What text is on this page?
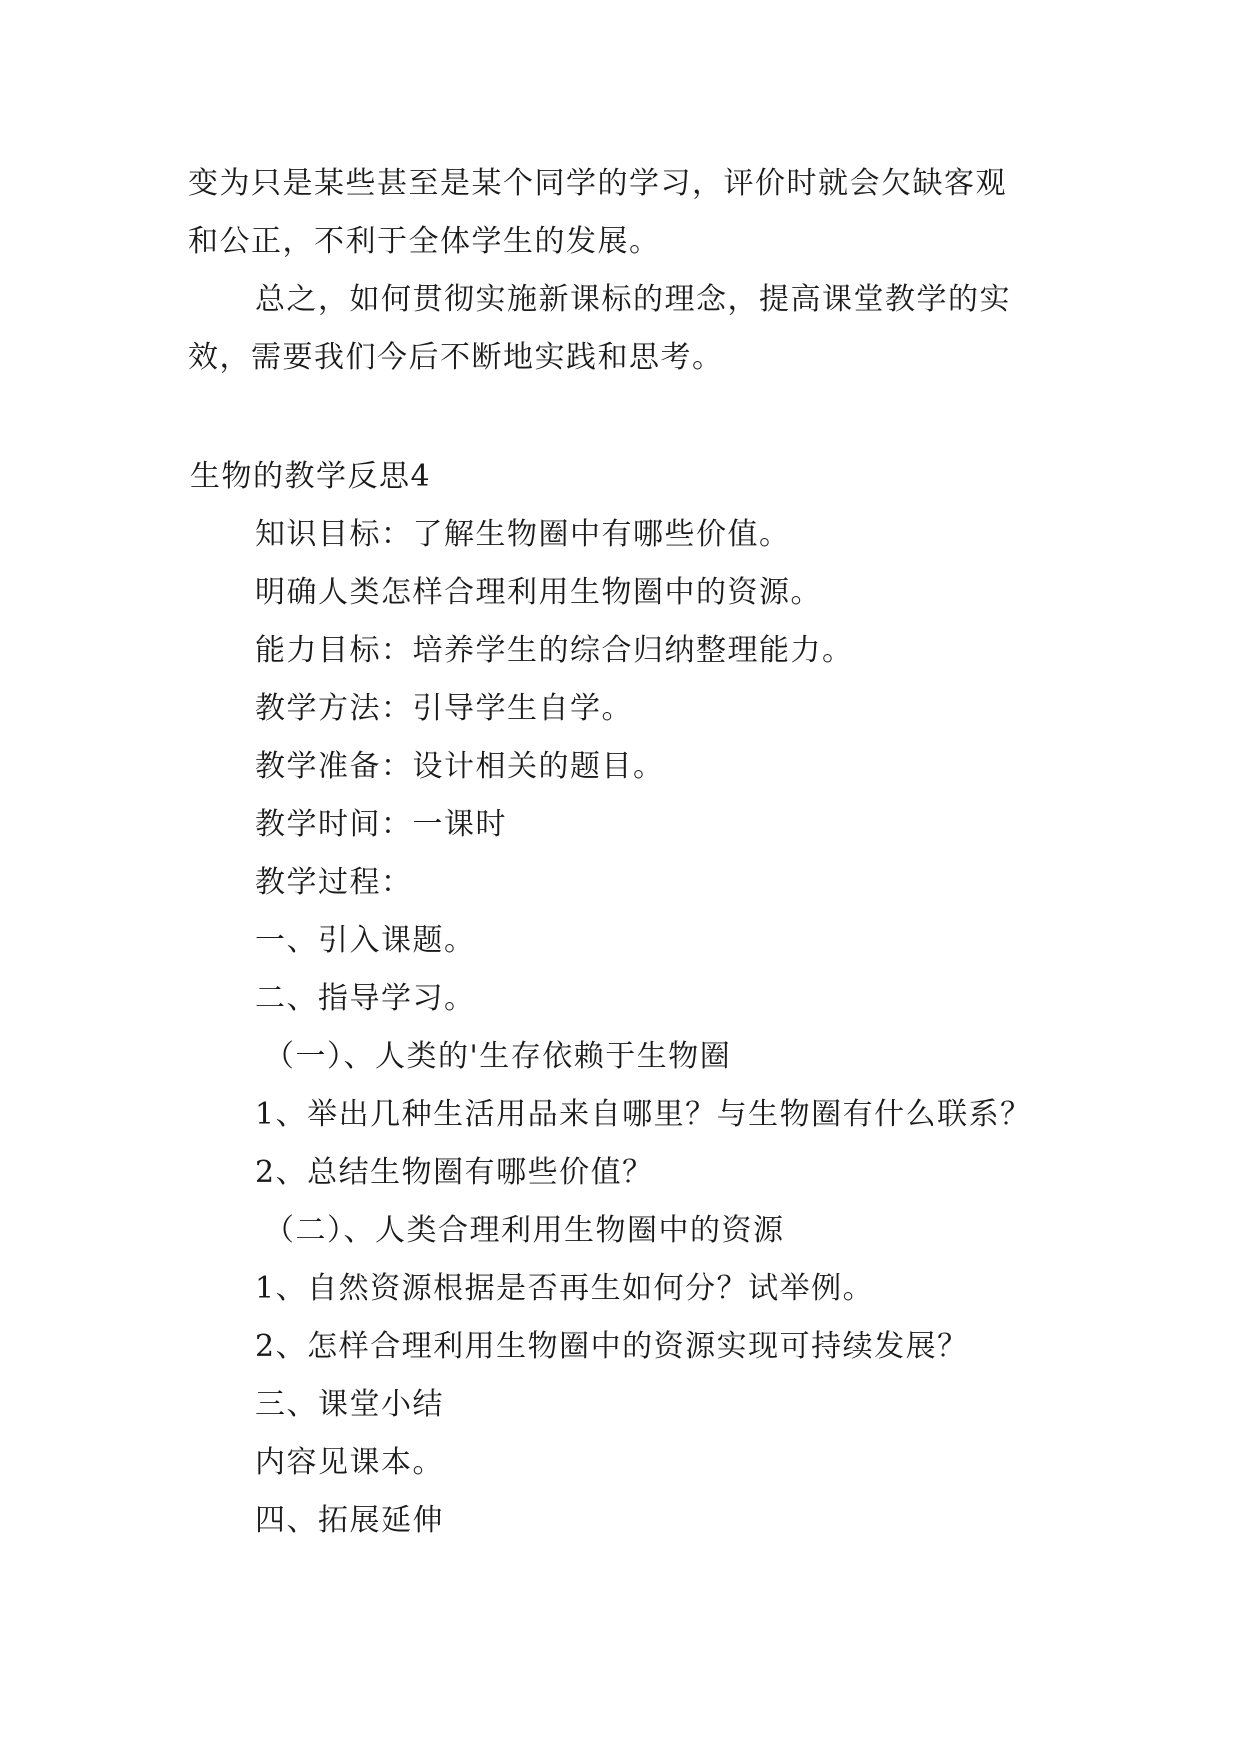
变为只是某些甚至是某个同学的学习，评价时就会欠缺客观
和公正，不利于全体学生的发展。
总之，如何贯彻实施新课标的理念，提高课堂教学的实
效，需要我们今后不断地实践和思考。
生物的教学反思4
知识目标：了解生物圈中有哪些价值。
明确人类怎样合理利用生物圈中的资源。
能力目标：培养学生的综合归纳整理能力。
教学方法：引导学生自学。
教学准备：设计相关的题目。
教学时间：一课时
教学过程：
一、引入课题。
二、指导学习。
（一）、人类的'生存依赖于生物圈
1、举出几种生活用品来自哪里？与生物圈有什么联系？
2、总结生物圈有哪些价值？
（二）、人类合理利用生物圈中的资源
1、自然资源根据是否再生如何分？试举例。
2、怎样合理利用生物圈中的资源实现可持续发展？
三、课堂小结
内容见课本。
四、拓展延伸
